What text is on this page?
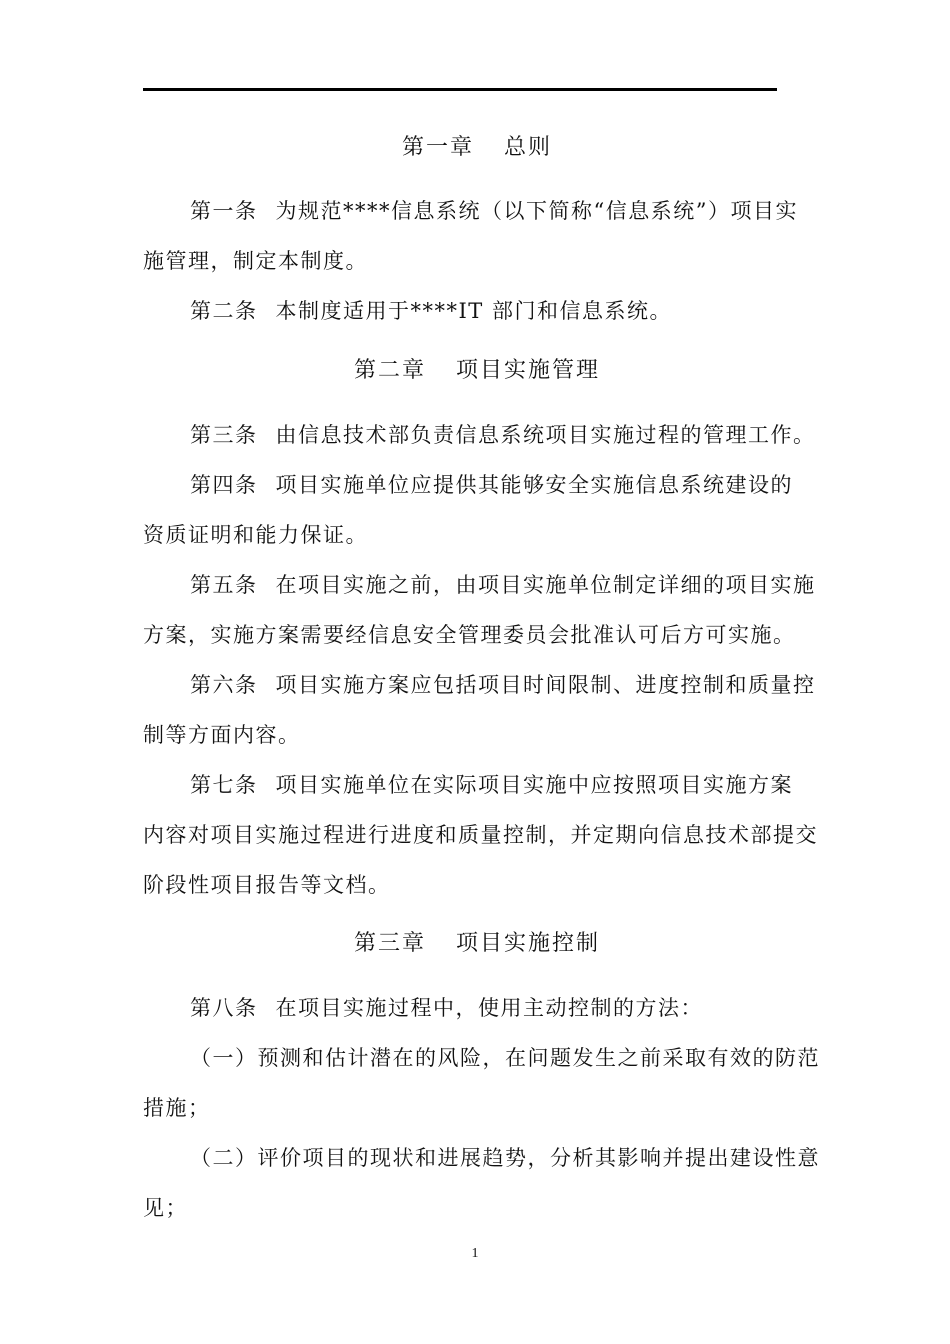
第一章 总则
第一条 为规范****信息系统（以下简称“信息系统”）项目实
施管理，制定本制度。
第二条 本制度适用于****IT 部门和信息系统。
第二章 项目实施管理
第三条 由信息技术部负责信息系统项目实施过程的管理工作。
第四条 项目实施单位应提供其能够安全实施信息系统建设的
资质证明和能力保证。
第五条 在项目实施之前，由项目实施单位制定详细的项目实施
方案，实施方案需要经信息安全管理委员会批准认可后方可实施。
第六条 项目实施方案应包括项目时间限制、进度控制和质量控
制等方面内容。
第七条 项目实施单位在实际项目实施中应按照项目实施方案
内容对项目实施过程进行进度和质量控制，并定期向信息技术部提交
阶段性项目报告等文档。
第三章 项目实施控制
第八条 在项目实施过程中，使用主动控制的方法：
（一）预测和估计潜在的风险，在问题发生之前采取有效的防范
措施；
（二）评价项目的现状和进展趋势，分析其影响并提出建设性意
见；
1
